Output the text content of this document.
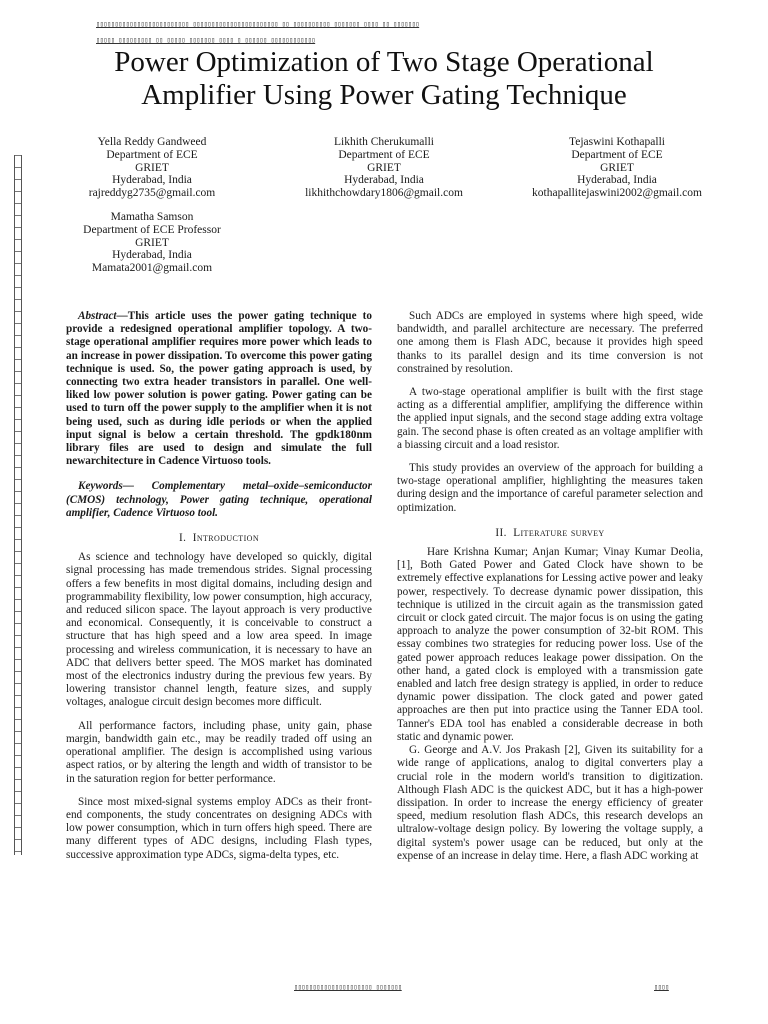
▯▯▯▯▯▯▯▯▯▯▯▯▯▯▯▯▯▯▯▯▯▯▯▯▯ ▯▯▯▯▯▯▯▯▯▯▯▯▯▯▯▯▯▯▯▯▯▯▯ ▯▯ ▯▯▯▯▯▯▯▯▯▯ ▯▯▯▯▯▯▯ ▯▯▯▯ ▯▯ ▯▯▯▯▯▯▯
▯▯▯▯▯ ▯▯▯▯▯▯▯▯▯ ▯▯ ▯▯▯▯▯ ▯▯▯▯▯▯▯ ▯▯▯▯ ▯ ▯▯▯▯▯▯ ▯▯▯▯▯▯▯▯▯▯▯▯
Power Optimization of Two Stage Operational Amplifier Using Power Gating Technique
Yella Reddy Gandweed
Department of ECE
GRIET
Hyderabad, India
rajreddyg2735@gmail.com
Likhith Cherukumalli
Department of ECE
GRIET
Hyderabad, India
likhithchowdary1806@gmail.com
Tejaswini Kothapalli
Department of ECE
GRIET
Hyderabad, India
kothapallitejaswini2002@gmail.com
Mamatha Samson
Department of ECE Professor
GRIET
Hyderabad, India
Mamata2001@gmail.com

Abstract—This article uses the power gating technique to provide a redesigned operational amplifier topology. A two-stage operational amplifier requires more power which leads to an increase in power dissipation. To overcome this power gating technique is used. So, the power gating approach is used, by connecting two extra header transistors in parallel. One well-liked low power solution is power gating. Power gating can be used to turn off the power supply to the amplifier when it is not being used, such as during idle periods or when the applied input signal is below a certain threshold. The gpdk180nm library files are used to design and simulate the full newarchitecture in Cadence Virtuoso tools.

Keywords— Complementary metal–oxide–semiconductor (CMOS) technology, Power gating technique, operational amplifier, Cadence Virtuoso tool.

I. Introduction

As science and technology have developed so quickly, digital signal processing has made tremendous strides. Signal processing offers a few benefits in most digital domains, including design and programmability flexibility, low power consumption, high accuracy, and reduced silicon space. The layout approach is very productive and economical. Consequently, it is conceivable to construct a structure that has high speed and a low area speed. In image processing and wireless communication, it is necessary to have an ADC that delivers better speed. The MOS market has dominated most of the electronics industry during the previous few years. By lowering transistor channel length, feature sizes, and supply voltages, analogue circuit design becomes more difficult.

All performance factors, including phase, unity gain, phase margin, bandwidth gain etc., may be readily traded off using an operational amplifier. The design is accomplished using various aspect ratios, or by altering the length and width of transistor to be in the saturation region for better performance.

Since most mixed-signal systems employ ADCs as their front-end components, the study concentrates on designing ADCs with low power consumption, which in turn offers high speed. There are many different types of ADC designs, including Flash types, successive approximation type ADCs, sigma-delta types, etc.

Such ADCs are employed in systems where high speed, wide bandwidth, and parallel architecture are necessary. The preferred one among them is Flash ADC, because it provides high speed thanks to its parallel design and its time conversion is not constrained by resolution.

A two-stage operational amplifier is built with the first stage acting as a differential amplifier, amplifying the difference within the applied input signals, and the second stage adding extra voltage gain. The second phase is often created as an voltage amplifier with a biassing circuit and a load resistor.

This study provides an overview of the approach for building a two-stage operational amplifier, highlighting the measures taken during design and the importance of careful parameter selection and optimization.

II. Literature survey

Hare Krishna Kumar; Anjan Kumar; Vinay Kumar Deolia, [1], Both Gated Power and Gated Clock have shown to be extremely effective explanations for Lessing active power and leaky power, respectively. To decrease dynamic power dissipation, this technique is utilized in the circuit again as the transmission gated circuit or clock gated circuit. The major focus is on using the gating approach to analyze the power consumption of 32-bit ROM. This essay combines two strategies for reducing power loss. Use of the gated power approach reduces leakage power dissipation. On the other hand, a gated clock is employed with a transmission gate enabled and latch free design strategy is applied, in order to reduce dynamic power dissipation. The clock gated and power gated approaches are then put into practice using the Tanner EDA tool. Tanner's EDA tool has enabled a considerable decrease in both static and dynamic power.

G. George and A.V. Jos Prakash [2], Given its suitability for a wide range of applications, analog to digital converters play a crucial role in the modern world's transition to digitization. Although Flash ADC is the quickest ADC, but it has a high-power dissipation. In order to increase the energy efficiency of greater speed, medium resolution flash ADCs, this research develops an ultralow-voltage design policy. By lowering the voltage supply, a digital system's power usage can be reduced, but only at the expense of an increase in delay time. Here, a flash ADC working at

▯▯▯▯▯▯▯▯▯▯▯▯▯▯▯▯▯▯▯▯▯ ▯▯▯▯▯▯▯	▯▯▯▯
